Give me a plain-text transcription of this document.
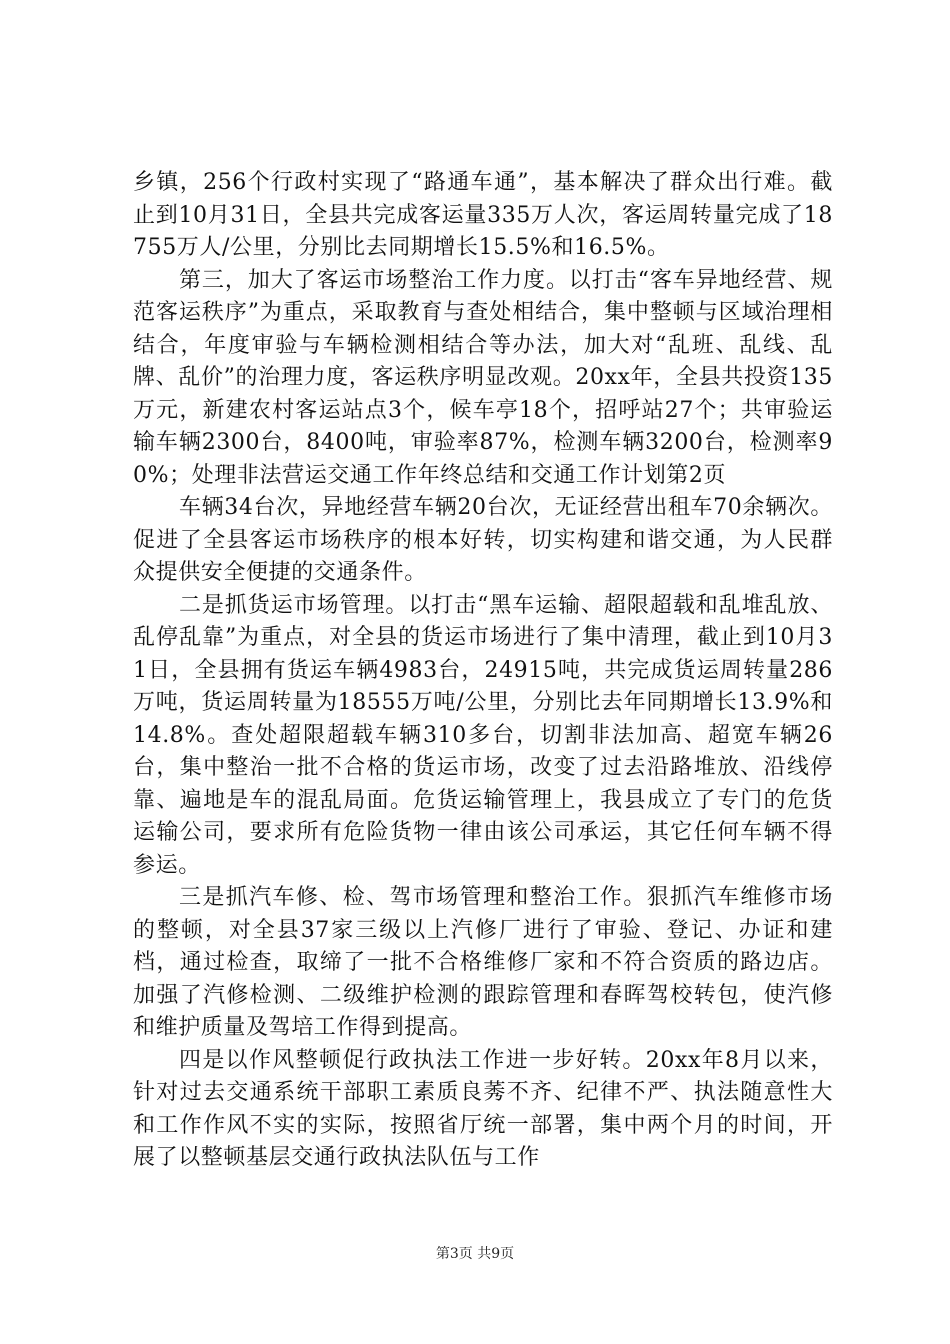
乡镇，256个行政村实现了“路通车通”，基本解决了群众出行难。截止到10月31日，全县共完成客运量335万人次，客运周转量完成了18755万人/公里，分别比去同期增长15.5%和16.5%。

第三，加大了客运市场整治工作力度。以打击“客车异地经营、规范客运秩序”为重点，采取教育与查处相结合，集中整顿与区域治理相结合，年度审验与车辆检测相结合等办法，加大对“乱班、乱线、乱牌、乱价”的治理力度，客运秩序明显改观。20xx年，全县共投资135万元，新建农村客运站点3个，候车亭18个，招呼站27个；共审验运输车辆2300台，8400吨，审验率87%，检测车辆3200台，检测率90%；处理非法营运交通工作年终总结和交通工作计划第2页

车辆34台次，异地经营车辆20台次，无证经营出租车70余辆次。促进了全县客运市场秩序的根本好转，切实构建和谐交通，为人民群众提供安全便捷的交通条件。

二是抓货运市场管理。以打击“黑车运输、超限超载和乱堆乱放、乱停乱靠”为重点，对全县的货运市场进行了集中清理，截止到10月31日，全县拥有货运车辆4983台，24915吨，共完成货运周转量286万吨，货运周转量为18555万吨/公里，分别比去年同期增长13.9%和14.8%。查处超限超载车辆310多台，切割非法加高、超宽车辆26台，集中整治一批不合格的货运市场，改变了过去沿路堆放、沿线停靠、遍地是车的混乱局面。危货运输管理上，我县成立了专门的危货运输公司，要求所有危险货物一律由该公司承运，其它任何车辆不得参运。

三是抓汽车修、检、驾市场管理和整治工作。狠抓汽车维修市场的整顿，对全县37家三级以上汽修厂进行了审验、登记、办证和建档，通过检查，取缔了一批不合格维修厂家和不符合资质的路边店。加强了汽修检测、二级维护检测的跟踪管理和春晖驾校转包，使汽修和维护质量及驾培工作得到提高。

四是以作风整顿促行政执法工作进一步好转。20xx年8月以来，针对过去交通系统干部职工素质良莠不齐、纪律不严、执法随意性大和工作作风不实的实际，按照省厅统一部署，集中两个月的时间，开展了以整顿基层交通行政执法队伍与工作

第3页 共9页
